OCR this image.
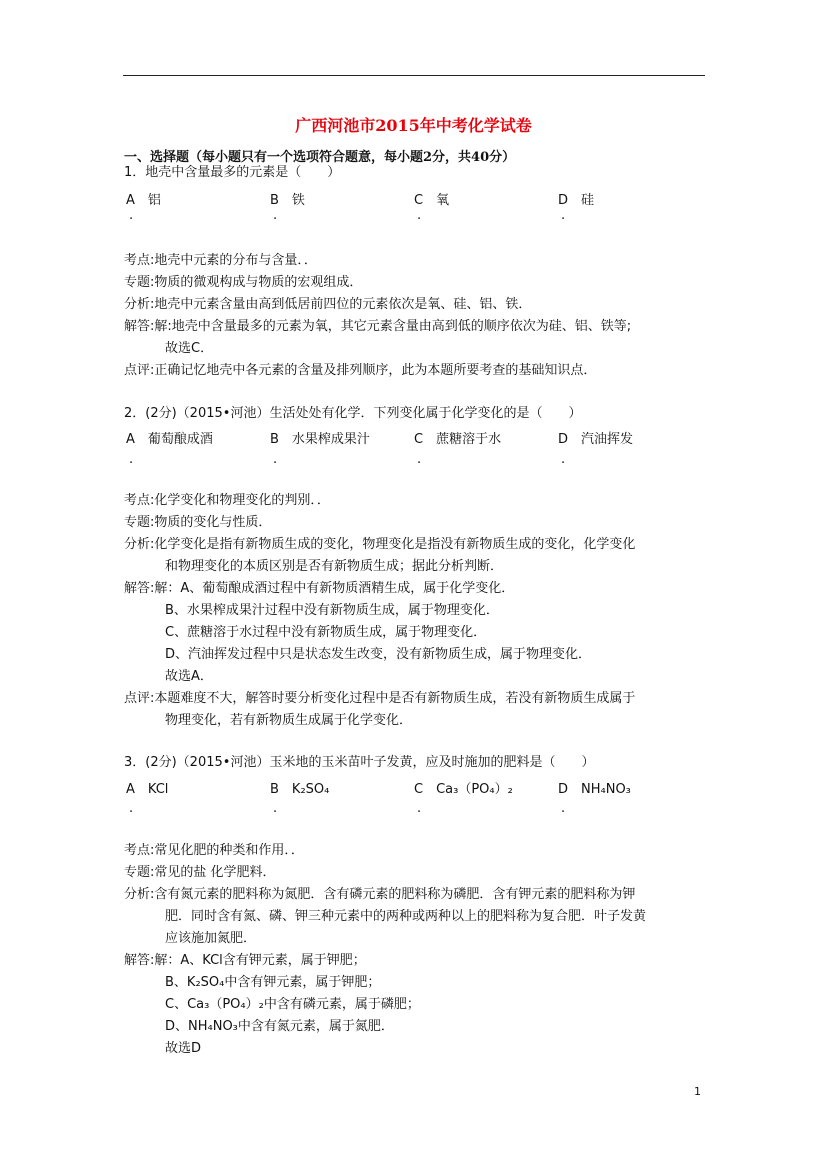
广西河池市2015年中考化学试卷
一、选择题（每小题只有一个选项符合题意，每小题2分，共40分）
1．地壳中含量最多的元素是（　　）
A　铝	B　铁	C　氧	D　硅
.	.	.	.
考点:地壳中元素的分布与含量．．
专题:物质的微观构成与物质的宏观组成．
分析:地壳中元素含量由高到低居前四位的元素依次是氧、硅、铝、铁．
解答:解:地壳中含量最多的元素为氧，其它元素含量由高到低的顺序依次为硅、铝、铁等;
故选C．
点评:正确记忆地壳中各元素的含量及排列顺序，此为本题所要考查的基础知识点．
2．(2分)（2015•河池）生活处处有化学．下列变化属于化学变化的是（　　）
A　葡萄酿成酒	B　水果榨成果汁	C　蔗糖溶于水	D　汽油挥发
.	.	.	.
考点:化学变化和物理变化的判别．．
专题:物质的变化与性质．
分析:化学变化是指有新物质生成的变化，物理变化是指没有新物质生成的变化，化学变化
和物理变化的本质区别是否有新物质生成；据此分析判断．
解答:解：A、葡萄酿成酒过程中有新物质酒精生成，属于化学变化．
B、水果榨成果汁过程中没有新物质生成，属于物理变化．
C、蔗糖溶于水过程中没有新物质生成，属于物理变化．
D、汽油挥发过程中只是状态发生改变，没有新物质生成，属于物理变化．
故选A．
点评:本题难度不大，解答时要分析变化过程中是否有新物质生成，若没有新物质生成属于
物理变化，若有新物质生成属于化学变化．
3．(2分)（2015•河池）玉米地的玉米苗叶子发黄，应及时施加的肥料是（　　）
A　KCl	B　K₂SO₄	C　Ca₃（PO₄）₂	D　NH₄NO₃
.	.	.	.
考点:常见化肥的种类和作用．．
专题:常见的盐 化学肥料．
分析:含有氮元素的肥料称为氮肥．含有磷元素的肥料称为磷肥．含有钾元素的肥料称为钾
肥．同时含有氮、磷、钾三种元素中的两种或两种以上的肥料称为复合肥．叶子发黄
应该施加氮肥．
解答:解：A、KCl含有钾元素，属于钾肥；
B、K₂SO₄中含有钾元素，属于钾肥；
C、Ca₃（PO₄）₂中含有磷元素，属于磷肥；
D、NH₄NO₃中含有氮元素，属于氮肥．
故选D
1
